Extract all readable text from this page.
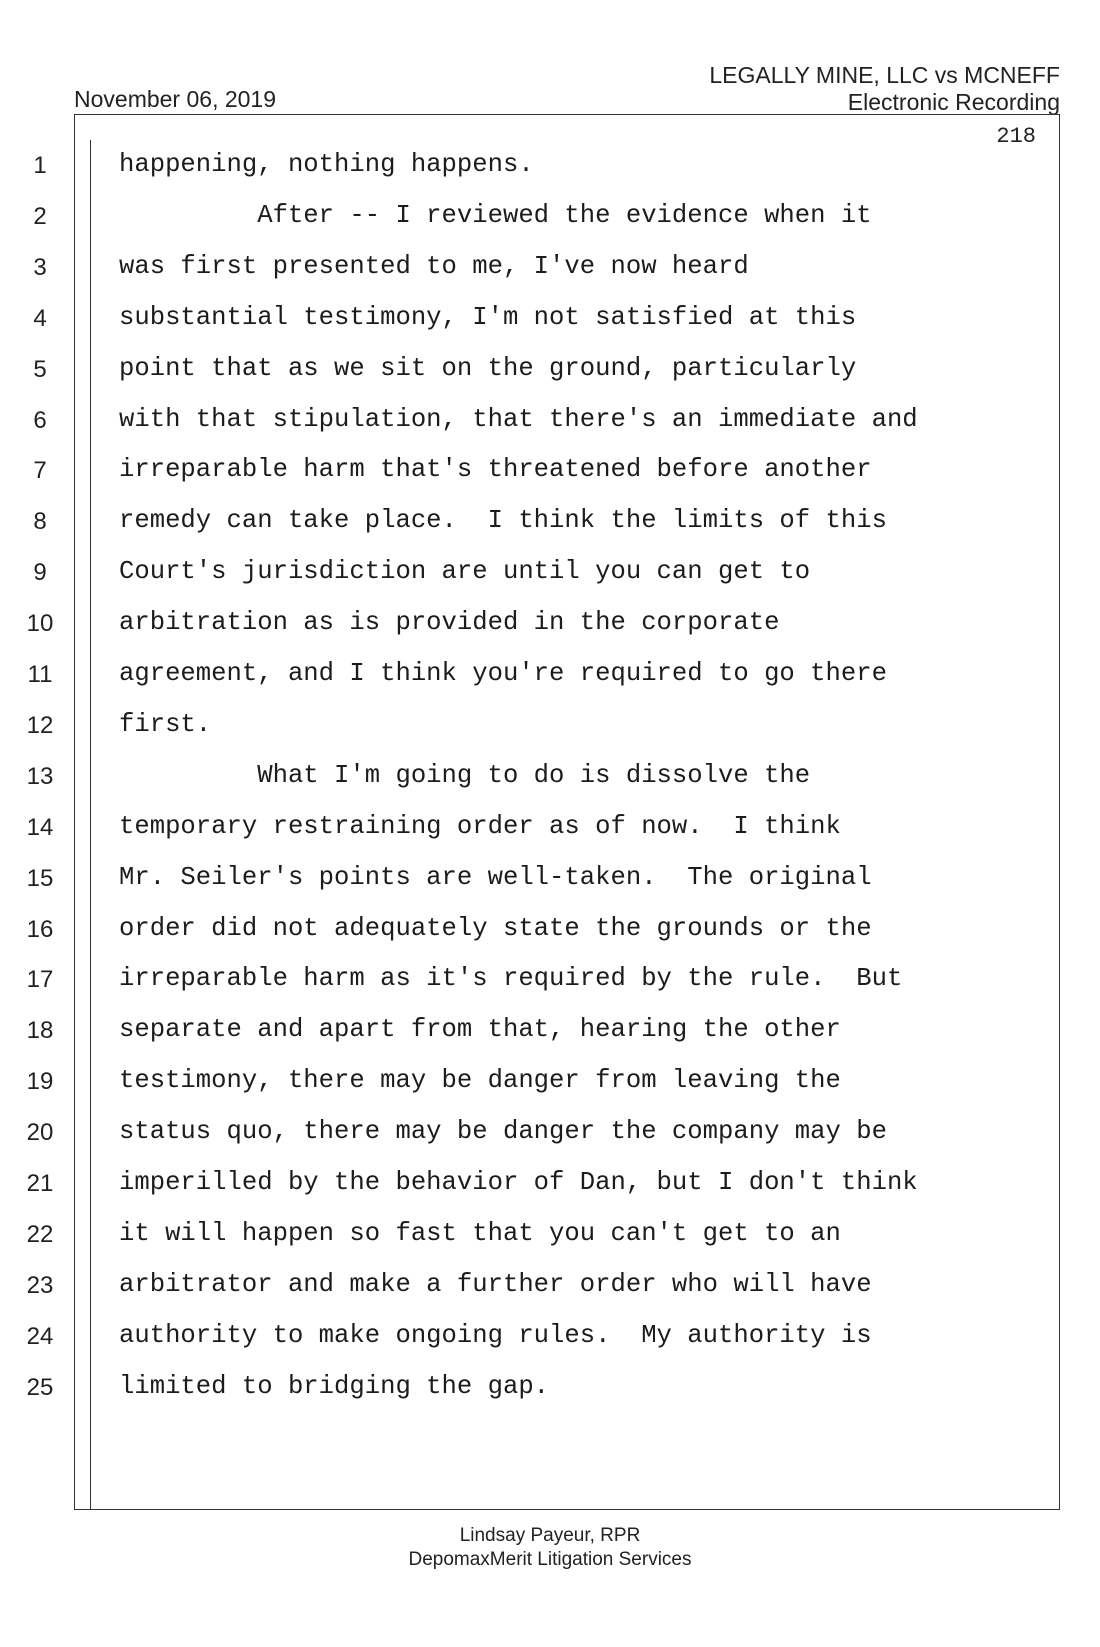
November 06, 2019
LEGALLY MINE, LLC vs MCNEFF
Electronic Recording
218
1	happening, nothing happens.
2	After -- I reviewed the evidence when it
3	was first presented to me, I've now heard
4	substantial testimony, I'm not satisfied at this
5	point that as we sit on the ground, particularly
6	with that stipulation, that there's an immediate and
7	irreparable harm that's threatened before another
8	remedy can take place.  I think the limits of this
9	Court's jurisdiction are until you can get to
10	arbitration as is provided in the corporate
11	agreement, and I think you're required to go there
12	first.
13	What I'm going to do is dissolve the
14	temporary restraining order as of now.  I think
15	Mr. Seiler's points are well-taken.  The original
16	order did not adequately state the grounds or the
17	irreparable harm as it's required by the rule.  But
18	separate and apart from that, hearing the other
19	testimony, there may be danger from leaving the
20	status quo, there may be danger the company may be
21	imperilled by the behavior of Dan, but I don't think
22	it will happen so fast that you can't get to an
23	arbitrator and make a further order who will have
24	authority to make ongoing rules.  My authority is
25	limited to bridging the gap.
Lindsay Payeur, RPR
DepomaxMerit Litigation Services
